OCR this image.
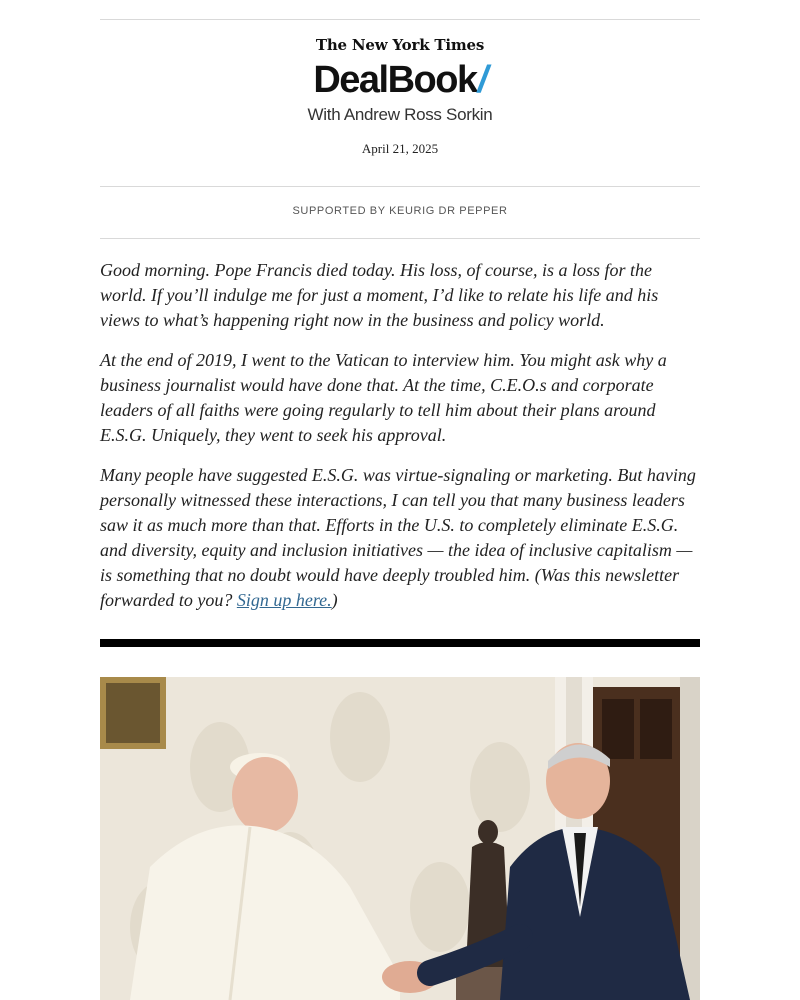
The New York Times
DealBook/
With Andrew Ross Sorkin
April 21, 2025
SUPPORTED BY KEURIG DR PEPPER

Good morning. Pope Francis died today. His loss, of course, is a loss for the world. If you’ll indulge me for just a moment, I’d like to relate his life and his views to what’s happening right now in the business and policy world.

At the end of 2019, I went to the Vatican to interview him. You might ask why a business journalist would have done that. At the time, C.E.O.s and corporate leaders of all faiths were going regularly to tell him about their plans around E.S.G. Uniquely, they went to seek his approval.

Many people have suggested E.S.G. was virtue-signaling or marketing. But having personally witnessed these interactions, I can tell you that many business leaders saw it as much more than that. Efforts in the U.S. to completely eliminate E.S.G. and diversity, equity and inclusion initiatives — the idea of inclusive capitalism — is something that no doubt would have deeply troubled him. (Was this newsletter forwarded to you? Sign up here.)
